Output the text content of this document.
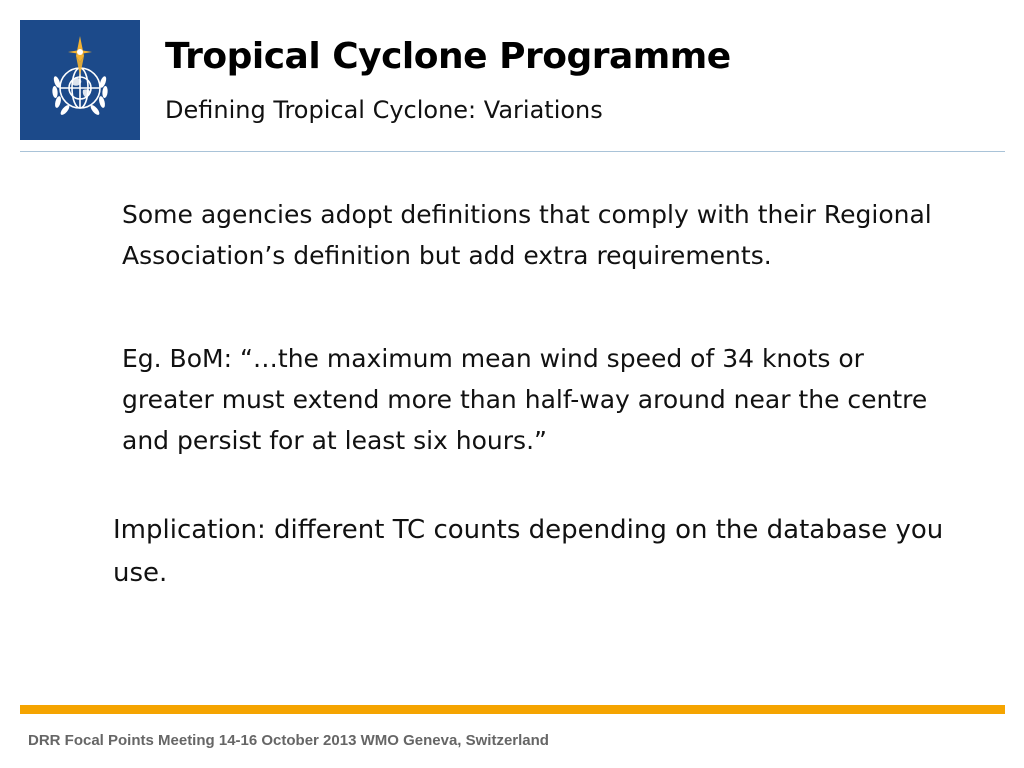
Tropical Cyclone Programme

Defining Tropical Cyclone: Variations

Some agencies adopt definitions that comply with their Regional Association’s definition but add extra requirements.

Eg. BoM: “…the maximum mean wind speed of 34 knots or greater must extend more than half-way around near the centre and persist for at least six hours.”

Implication: different TC counts depending on the database you use.

DRR Focal Points Meeting 14-16 October 2013 WMO Geneva, Switzerland
